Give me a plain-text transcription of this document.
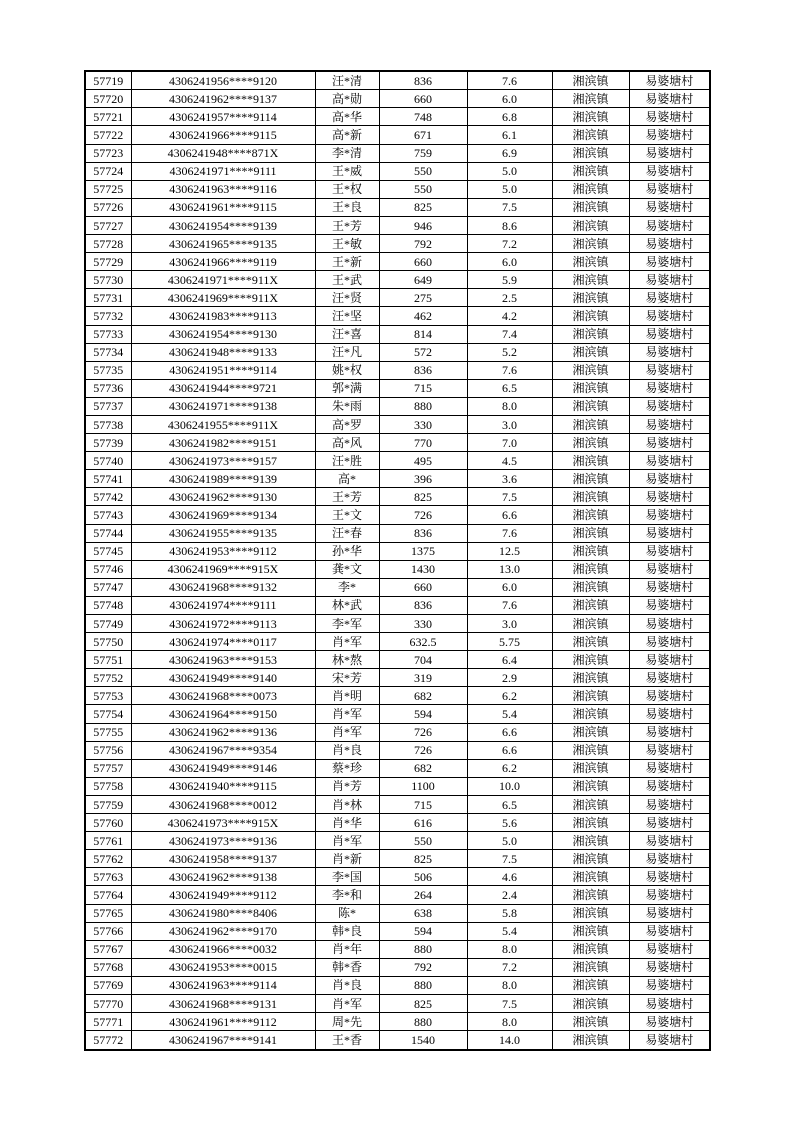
57719	4306241956****9120	汪*清	836	7.6	湘滨镇	易婆塘村
57720	4306241962****9137	高*勋	660	6.0	湘滨镇	易婆塘村
57721	4306241957****9114	高*华	748	6.8	湘滨镇	易婆塘村
57722	4306241966****9115	高*新	671	6.1	湘滨镇	易婆塘村
57723	4306241948****871X	李*清	759	6.9	湘滨镇	易婆塘村
57724	4306241971****9111	王*威	550	5.0	湘滨镇	易婆塘村
57725	4306241963****9116	王*权	550	5.0	湘滨镇	易婆塘村
57726	4306241961****9115	王*良	825	7.5	湘滨镇	易婆塘村
57727	4306241954****9139	王*芳	946	8.6	湘滨镇	易婆塘村
57728	4306241965****9135	王*敏	792	7.2	湘滨镇	易婆塘村
57729	4306241966****9119	王*新	660	6.0	湘滨镇	易婆塘村
57730	4306241971****911X	王*武	649	5.9	湘滨镇	易婆塘村
57731	4306241969****911X	汪*贤	275	2.5	湘滨镇	易婆塘村
57732	4306241983****9113	汪*坚	462	4.2	湘滨镇	易婆塘村
57733	4306241954****9130	汪*喜	814	7.4	湘滨镇	易婆塘村
57734	4306241948****9133	汪*凡	572	5.2	湘滨镇	易婆塘村
57735	4306241951****9114	姚*权	836	7.6	湘滨镇	易婆塘村
57736	4306241944****9721	郭*满	715	6.5	湘滨镇	易婆塘村
57737	4306241971****9138	朱*雨	880	8.0	湘滨镇	易婆塘村
57738	4306241955****911X	高*罗	330	3.0	湘滨镇	易婆塘村
57739	4306241982****9151	高*风	770	7.0	湘滨镇	易婆塘村
57740	4306241973****9157	汪*胜	495	4.5	湘滨镇	易婆塘村
57741	4306241989****9139	高*	396	3.6	湘滨镇	易婆塘村
57742	4306241962****9130	王*芳	825	7.5	湘滨镇	易婆塘村
57743	4306241969****9134	王*文	726	6.6	湘滨镇	易婆塘村
57744	4306241955****9135	汪*春	836	7.6	湘滨镇	易婆塘村
57745	4306241953****9112	孙*华	1375	12.5	湘滨镇	易婆塘村
57746	4306241969****915X	龚*文	1430	13.0	湘滨镇	易婆塘村
57747	4306241968****9132	李*	660	6.0	湘滨镇	易婆塘村
57748	4306241974****9111	林*武	836	7.6	湘滨镇	易婆塘村
57749	4306241972****9113	李*军	330	3.0	湘滨镇	易婆塘村
57750	4306241974****0117	肖*军	632.5	5.75	湘滨镇	易婆塘村
57751	4306241963****9153	林*熬	704	6.4	湘滨镇	易婆塘村
57752	4306241949****9140	宋*芳	319	2.9	湘滨镇	易婆塘村
57753	4306241968****0073	肖*明	682	6.2	湘滨镇	易婆塘村
57754	4306241964****9150	肖*军	594	5.4	湘滨镇	易婆塘村
57755	4306241962****9136	肖*军	726	6.6	湘滨镇	易婆塘村
57756	4306241967****9354	肖*良	726	6.6	湘滨镇	易婆塘村
57757	4306241949****9146	蔡*珍	682	6.2	湘滨镇	易婆塘村
57758	4306241940****9115	肖*芳	1100	10.0	湘滨镇	易婆塘村
57759	4306241968****0012	肖*林	715	6.5	湘滨镇	易婆塘村
57760	4306241973****915X	肖*华	616	5.6	湘滨镇	易婆塘村
57761	4306241973****9136	肖*军	550	5.0	湘滨镇	易婆塘村
57762	4306241958****9137	肖*新	825	7.5	湘滨镇	易婆塘村
57763	4306241962****9138	李*国	506	4.6	湘滨镇	易婆塘村
57764	4306241949****9112	李*和	264	2.4	湘滨镇	易婆塘村
57765	4306241980****8406	陈*	638	5.8	湘滨镇	易婆塘村
57766	4306241962****9170	韩*良	594	5.4	湘滨镇	易婆塘村
57767	4306241966****0032	肖*年	880	8.0	湘滨镇	易婆塘村
57768	4306241953****0015	韩*香	792	7.2	湘滨镇	易婆塘村
57769	4306241963****9114	肖*良	880	8.0	湘滨镇	易婆塘村
57770	4306241968****9131	肖*军	825	7.5	湘滨镇	易婆塘村
57771	4306241961****9112	周*先	880	8.0	湘滨镇	易婆塘村
57772	4306241967****9141	王*香	1540	14.0	湘滨镇	易婆塘村
